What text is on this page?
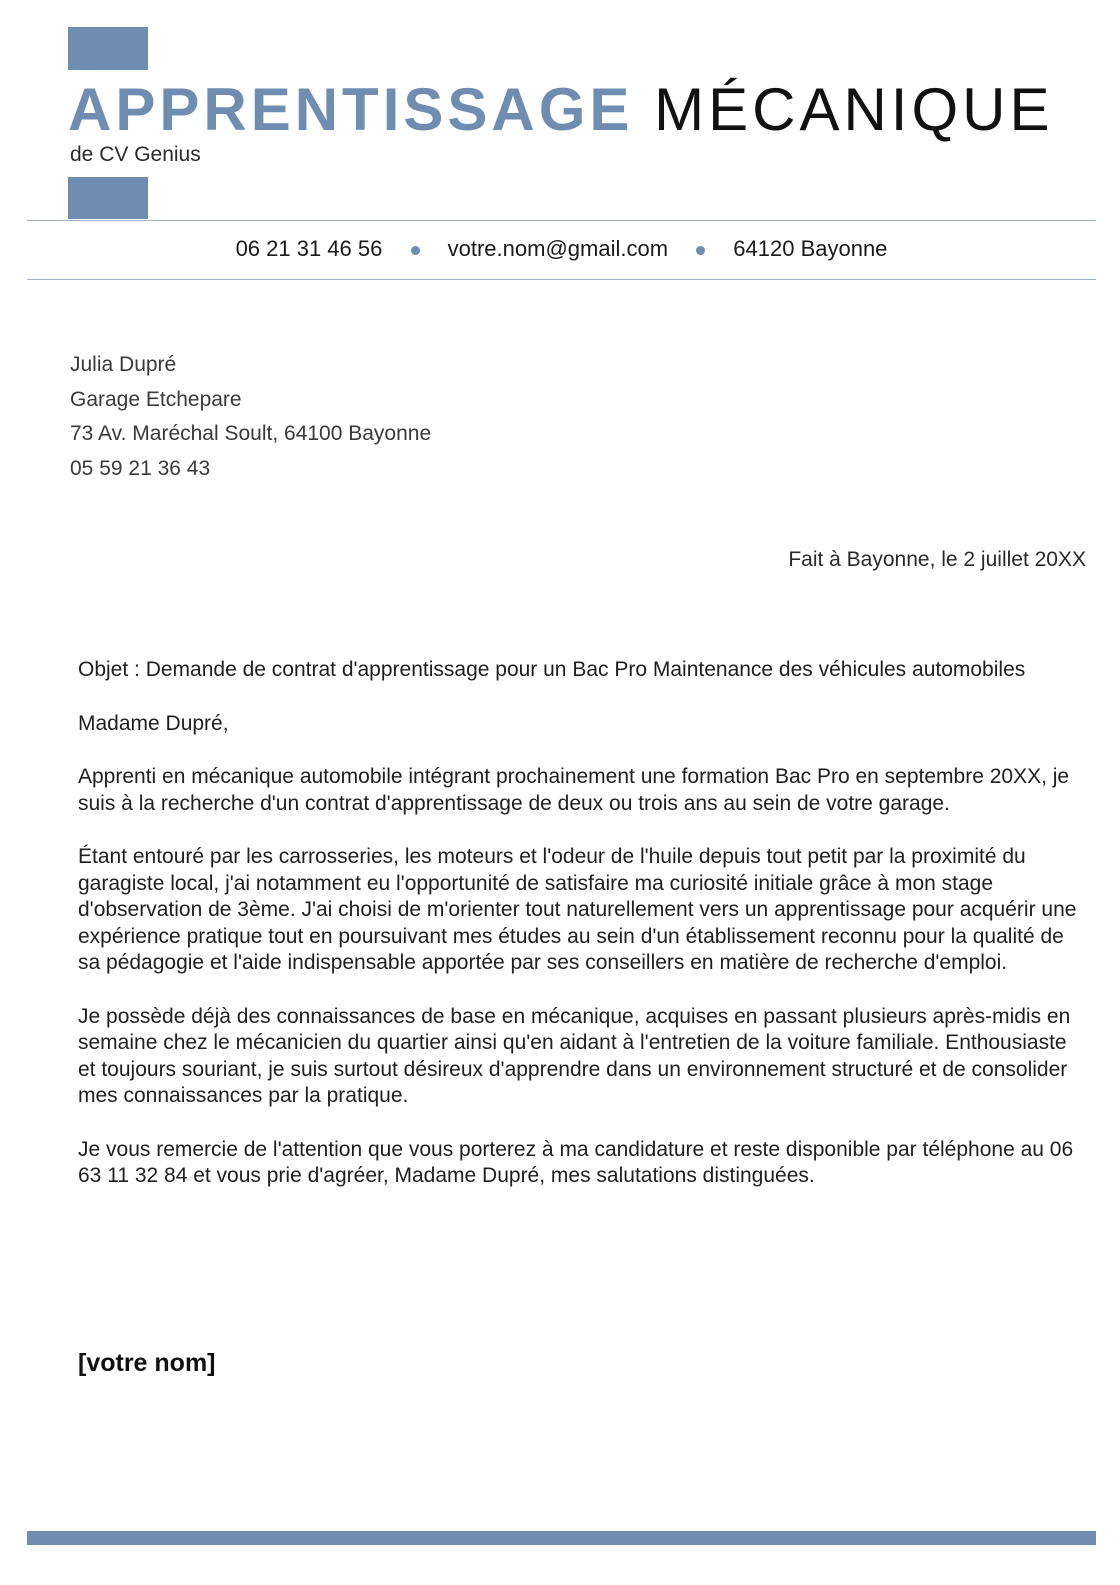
APPRENTISSAGE MÉCANIQUE
de CV Genius
06 21 31 46 56	votre.nom@gmail.com	64120 Bayonne
Julia Dupré
Garage Etchepare
73 Av. Maréchal Soult, 64100 Bayonne
05 59 21 36 43
Fait à Bayonne, le 2 juillet 20XX

Objet : Demande de contrat d'apprentissage pour un Bac Pro Maintenance des véhicules automobiles

Madame Dupré,

Apprenti en mécanique automobile intégrant prochainement une formation Bac Pro en septembre 20XX, je suis à la recherche d'un contrat d'apprentissage de deux ou trois ans au sein de votre garage.

Étant entouré par les carrosseries, les moteurs et l'odeur de l'huile depuis tout petit par la proximité du garagiste local, j'ai notamment eu l'opportunité de satisfaire ma curiosité initiale grâce à mon stage d'observation de 3ème. J'ai choisi de m'orienter tout naturellement vers un apprentissage pour acquérir une expérience pratique tout en poursuivant mes études au sein d'un établissement reconnu pour la qualité de sa pédagogie et l'aide indispensable apportée par ses conseillers en matière de recherche d'emploi.

Je possède déjà des connaissances de base en mécanique, acquises en passant plusieurs après-midis en semaine chez le mécanicien du quartier ainsi qu'en aidant à l'entretien de la voiture familiale. Enthousiaste et toujours souriant, je suis surtout désireux d'apprendre dans un environnement structuré et de consolider mes connaissances par la pratique.

Je vous remercie de l'attention que vous porterez à ma candidature et reste disponible par téléphone au 06 63 11 32 84 et vous prie d'agréer, Madame Dupré, mes salutations distinguées.

[votre nom]
